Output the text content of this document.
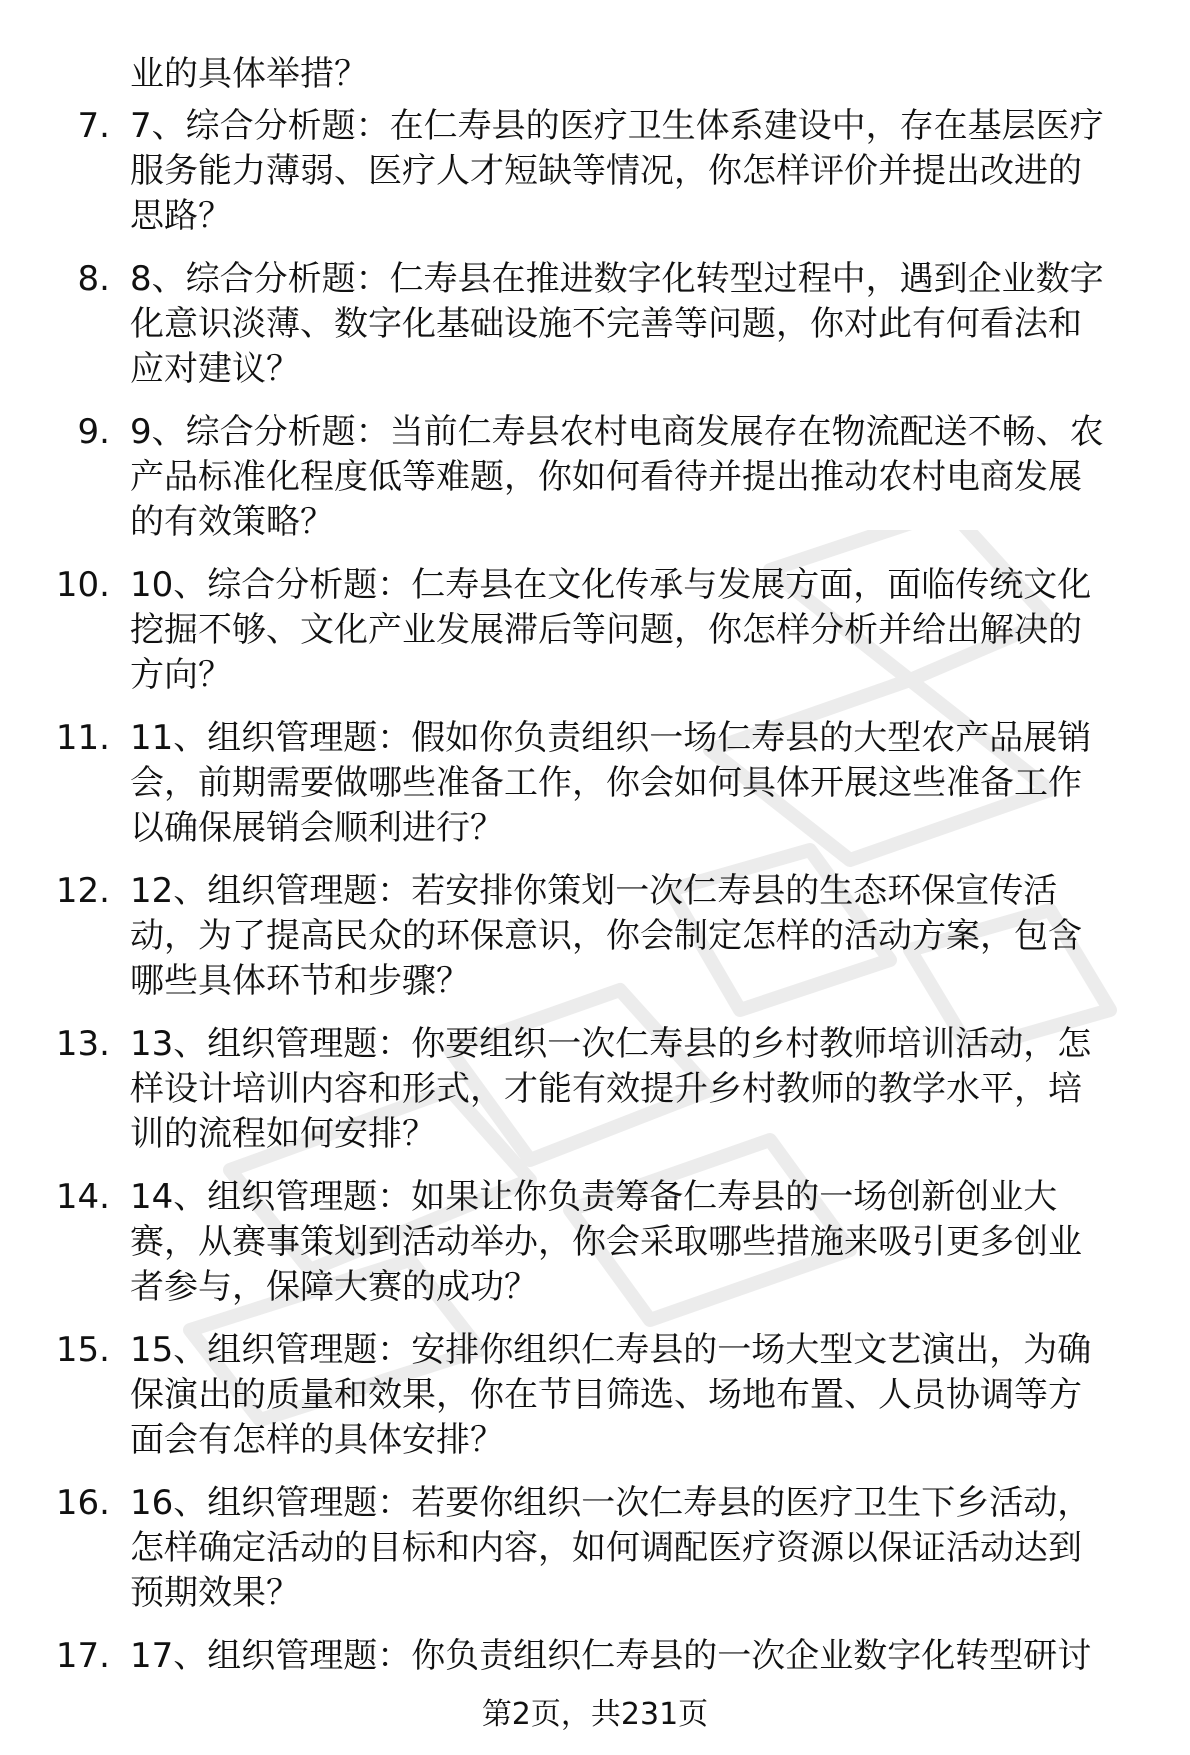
业的具体举措？
7. 7、综合分析题：在仁寿县的医疗卫生体系建设中，存在基层医疗
服务能力薄弱、医疗人才短缺等情况，你怎样评价并提出改进的
思路？
8. 8、综合分析题：仁寿县在推进数字化转型过程中，遇到企业数字
化意识淡薄、数字化基础设施不完善等问题，你对此有何看法和
应对建议？
9. 9、综合分析题：当前仁寿县农村电商发展存在物流配送不畅、农
产品标准化程度低等难题，你如何看待并提出推动农村电商发展
的有效策略？
10. 10、综合分析题：仁寿县在文化传承与发展方面，面临传统文化
挖掘不够、文化产业发展滞后等问题，你怎样分析并给出解决的
方向？
11. 11、组织管理题：假如你负责组织一场仁寿县的大型农产品展销
会，前期需要做哪些准备工作，你会如何具体开展这些准备工作
以确保展销会顺利进行？
12. 12、组织管理题：若安排你策划一次仁寿县的生态环保宣传活
动，为了提高民众的环保意识，你会制定怎样的活动方案，包含
哪些具体环节和步骤？
13. 13、组织管理题：你要组织一次仁寿县的乡村教师培训活动，怎
样设计培训内容和形式，才能有效提升乡村教师的教学水平，培
训的流程如何安排？
14. 14、组织管理题：如果让你负责筹备仁寿县的一场创新创业大
赛，从赛事策划到活动举办，你会采取哪些措施来吸引更多创业
者参与，保障大赛的成功？
15. 15、组织管理题：安排你组织仁寿县的一场大型文艺演出，为确
保演出的质量和效果，你在节目筛选、场地布置、人员协调等方
面会有怎样的具体安排？
16. 16、组织管理题：若要你组织一次仁寿县的医疗卫生下乡活动，
怎样确定活动的目标和内容，如何调配医疗资源以保证活动达到
预期效果？
17. 17、组织管理题：你负责组织仁寿县的一次企业数字化转型研讨
第2页，共231页
